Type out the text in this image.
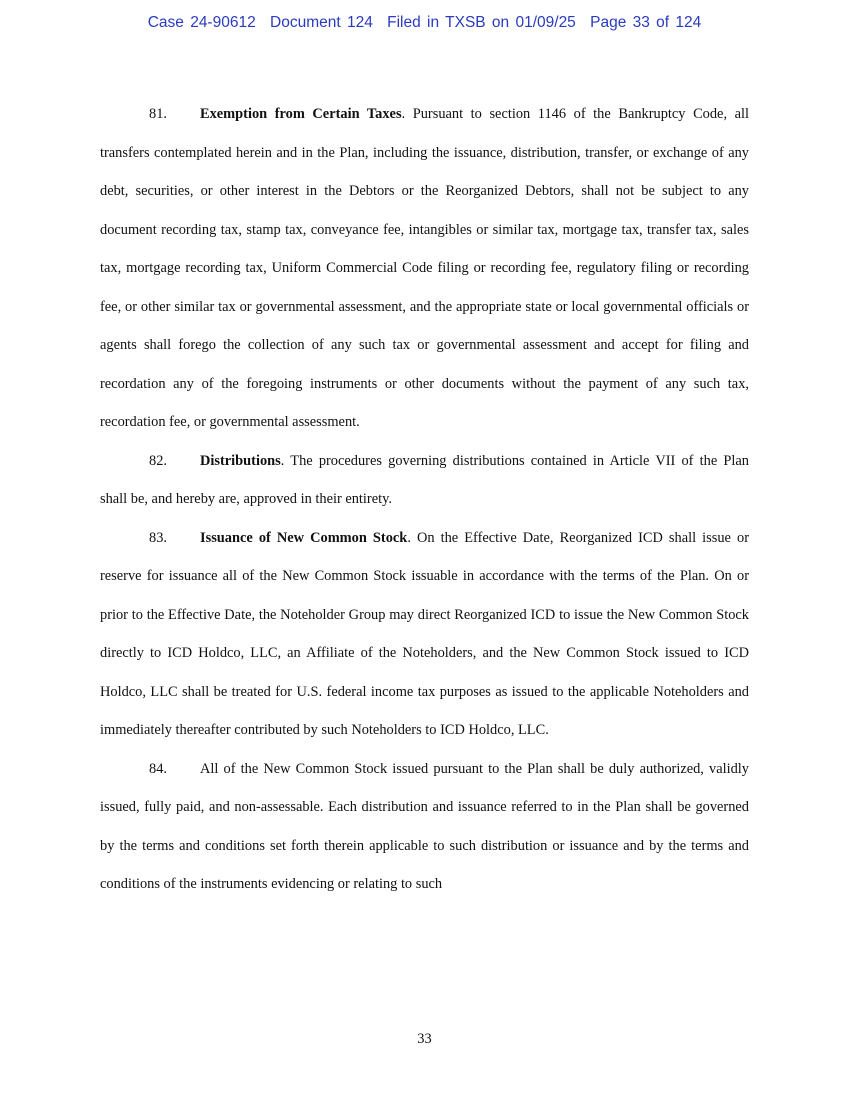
Case 24-90612 Document 124 Filed in TXSB on 01/09/25 Page 33 of 124

81. Exemption from Certain Taxes. Pursuant to section 1146 of the Bankruptcy Code, all transfers contemplated herein and in the Plan, including the issuance, distribution, transfer, or exchange of any debt, securities, or other interest in the Debtors or the Reorganized Debtors, shall not be subject to any document recording tax, stamp tax, conveyance fee, intangibles or similar tax, mortgage tax, transfer tax, sales tax, mortgage recording tax, Uniform Commercial Code filing or recording fee, regulatory filing or recording fee, or other similar tax or governmental assessment, and the appropriate state or local governmental officials or agents shall forego the collection of any such tax or governmental assessment and accept for filing and recordation any of the foregoing instruments or other documents without the payment of any such tax, recordation fee, or governmental assessment.

82. Distributions. The procedures governing distributions contained in Article VII of the Plan shall be, and hereby are, approved in their entirety.

83. Issuance of New Common Stock. On the Effective Date, Reorganized ICD shall issue or reserve for issuance all of the New Common Stock issuable in accordance with the terms of the Plan. On or prior to the Effective Date, the Noteholder Group may direct Reorganized ICD to issue the New Common Stock directly to ICD Holdco, LLC, an Affiliate of the Noteholders, and the New Common Stock issued to ICD Holdco, LLC shall be treated for U.S. federal income tax purposes as issued to the applicable Noteholders and immediately thereafter contributed by such Noteholders to ICD Holdco, LLC.

84. All of the New Common Stock issued pursuant to the Plan shall be duly authorized, validly issued, fully paid, and non-assessable. Each distribution and issuance referred to in the Plan shall be governed by the terms and conditions set forth therein applicable to such distribution or issuance and by the terms and conditions of the instruments evidencing or relating to such

33
